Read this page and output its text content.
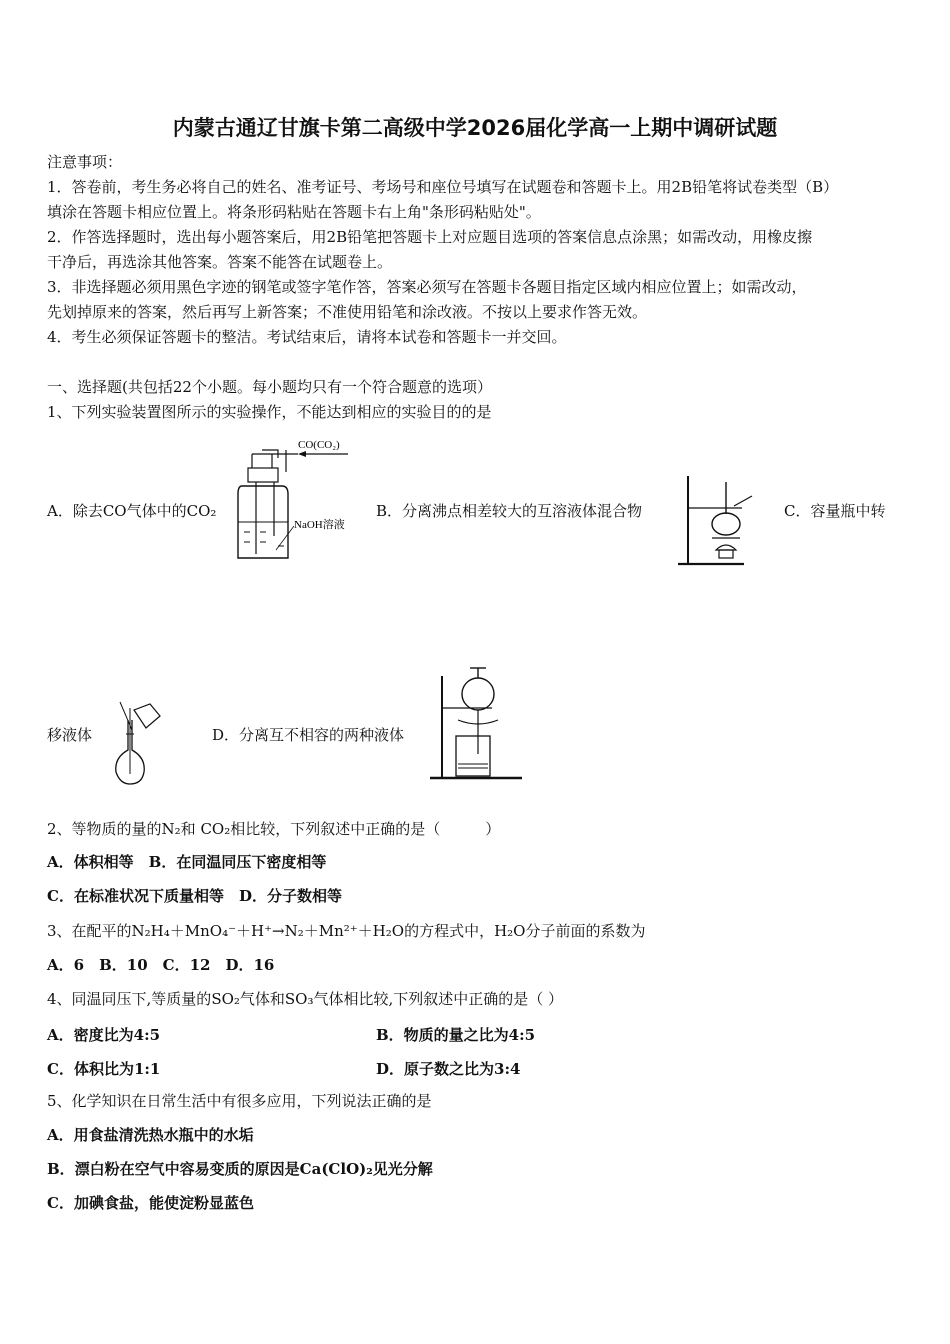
内蒙古通辽甘旗卡第二高级中学2026届化学高一上期中调研试题
注意事项：
1．答卷前，考生务必将自己的姓名、准考证号、考场号和座位号填写在试题卷和答题卡上。用2B铅笔将试卷类型（B）
填涂在答题卡相应位置上。将条形码粘贴在答题卡右上角"条形码粘贴处"。
2．作答选择题时，选出每小题答案后，用2B铅笔把答题卡上对应题目选项的答案信息点涂黑；如需改动，用橡皮擦
干净后，再选涂其他答案。答案不能答在试题卷上。
3．非选择题必须用黑色字迹的钢笔或签字笔作答，答案必须写在答题卡各题目指定区域内相应位置上；如需改动，
先划掉原来的答案，然后再写上新答案；不准使用铅笔和涂改液。不按以上要求作答无效。
4．考生必须保证答题卡的整洁。考试结束后，请将本试卷和答题卡一并交回。
一、选择题(共包括22个小题。每小题均只有一个符合题意的选项）
1、下列实验装置图所示的实验操作，不能达到相应的实验目的的是
A．除去CO气体中的CO₂
CO(CO₂)
NaOH溶液
B．分离沸点相差较大的互溶液体混合物	C．容量瓶中转
移液体	D．分离互不相容的两种液体
2、等物质的量的N₂和 CO₂相比较，下列叙述中正确的是（　　　）
A．体积相等　B．在同温同压下密度相等
C．在标准状况下质量相等　D．分子数相等
3、在配平的N₂H₄＋MnO₄⁻＋H⁺→N₂＋Mn²⁺＋H₂O的方程式中，H₂O分子前面的系数为
A．6　B．10　C．12　D．16
4、同温同压下,等质量的SO₂气体和SO₃气体相比较,下列叙述中正确的是（ ）
A．密度比为4:5	B．物质的量之比为4:5
C．体积比为1:1	D．原子数之比为3:4
5、化学知识在日常生活中有很多应用，下列说法正确的是
A．用食盐清洗热水瓶中的水垢
B．漂白粉在空气中容易变质的原因是Ca(ClO)₂见光分解
C．加碘食盐，能使淀粉显蓝色
